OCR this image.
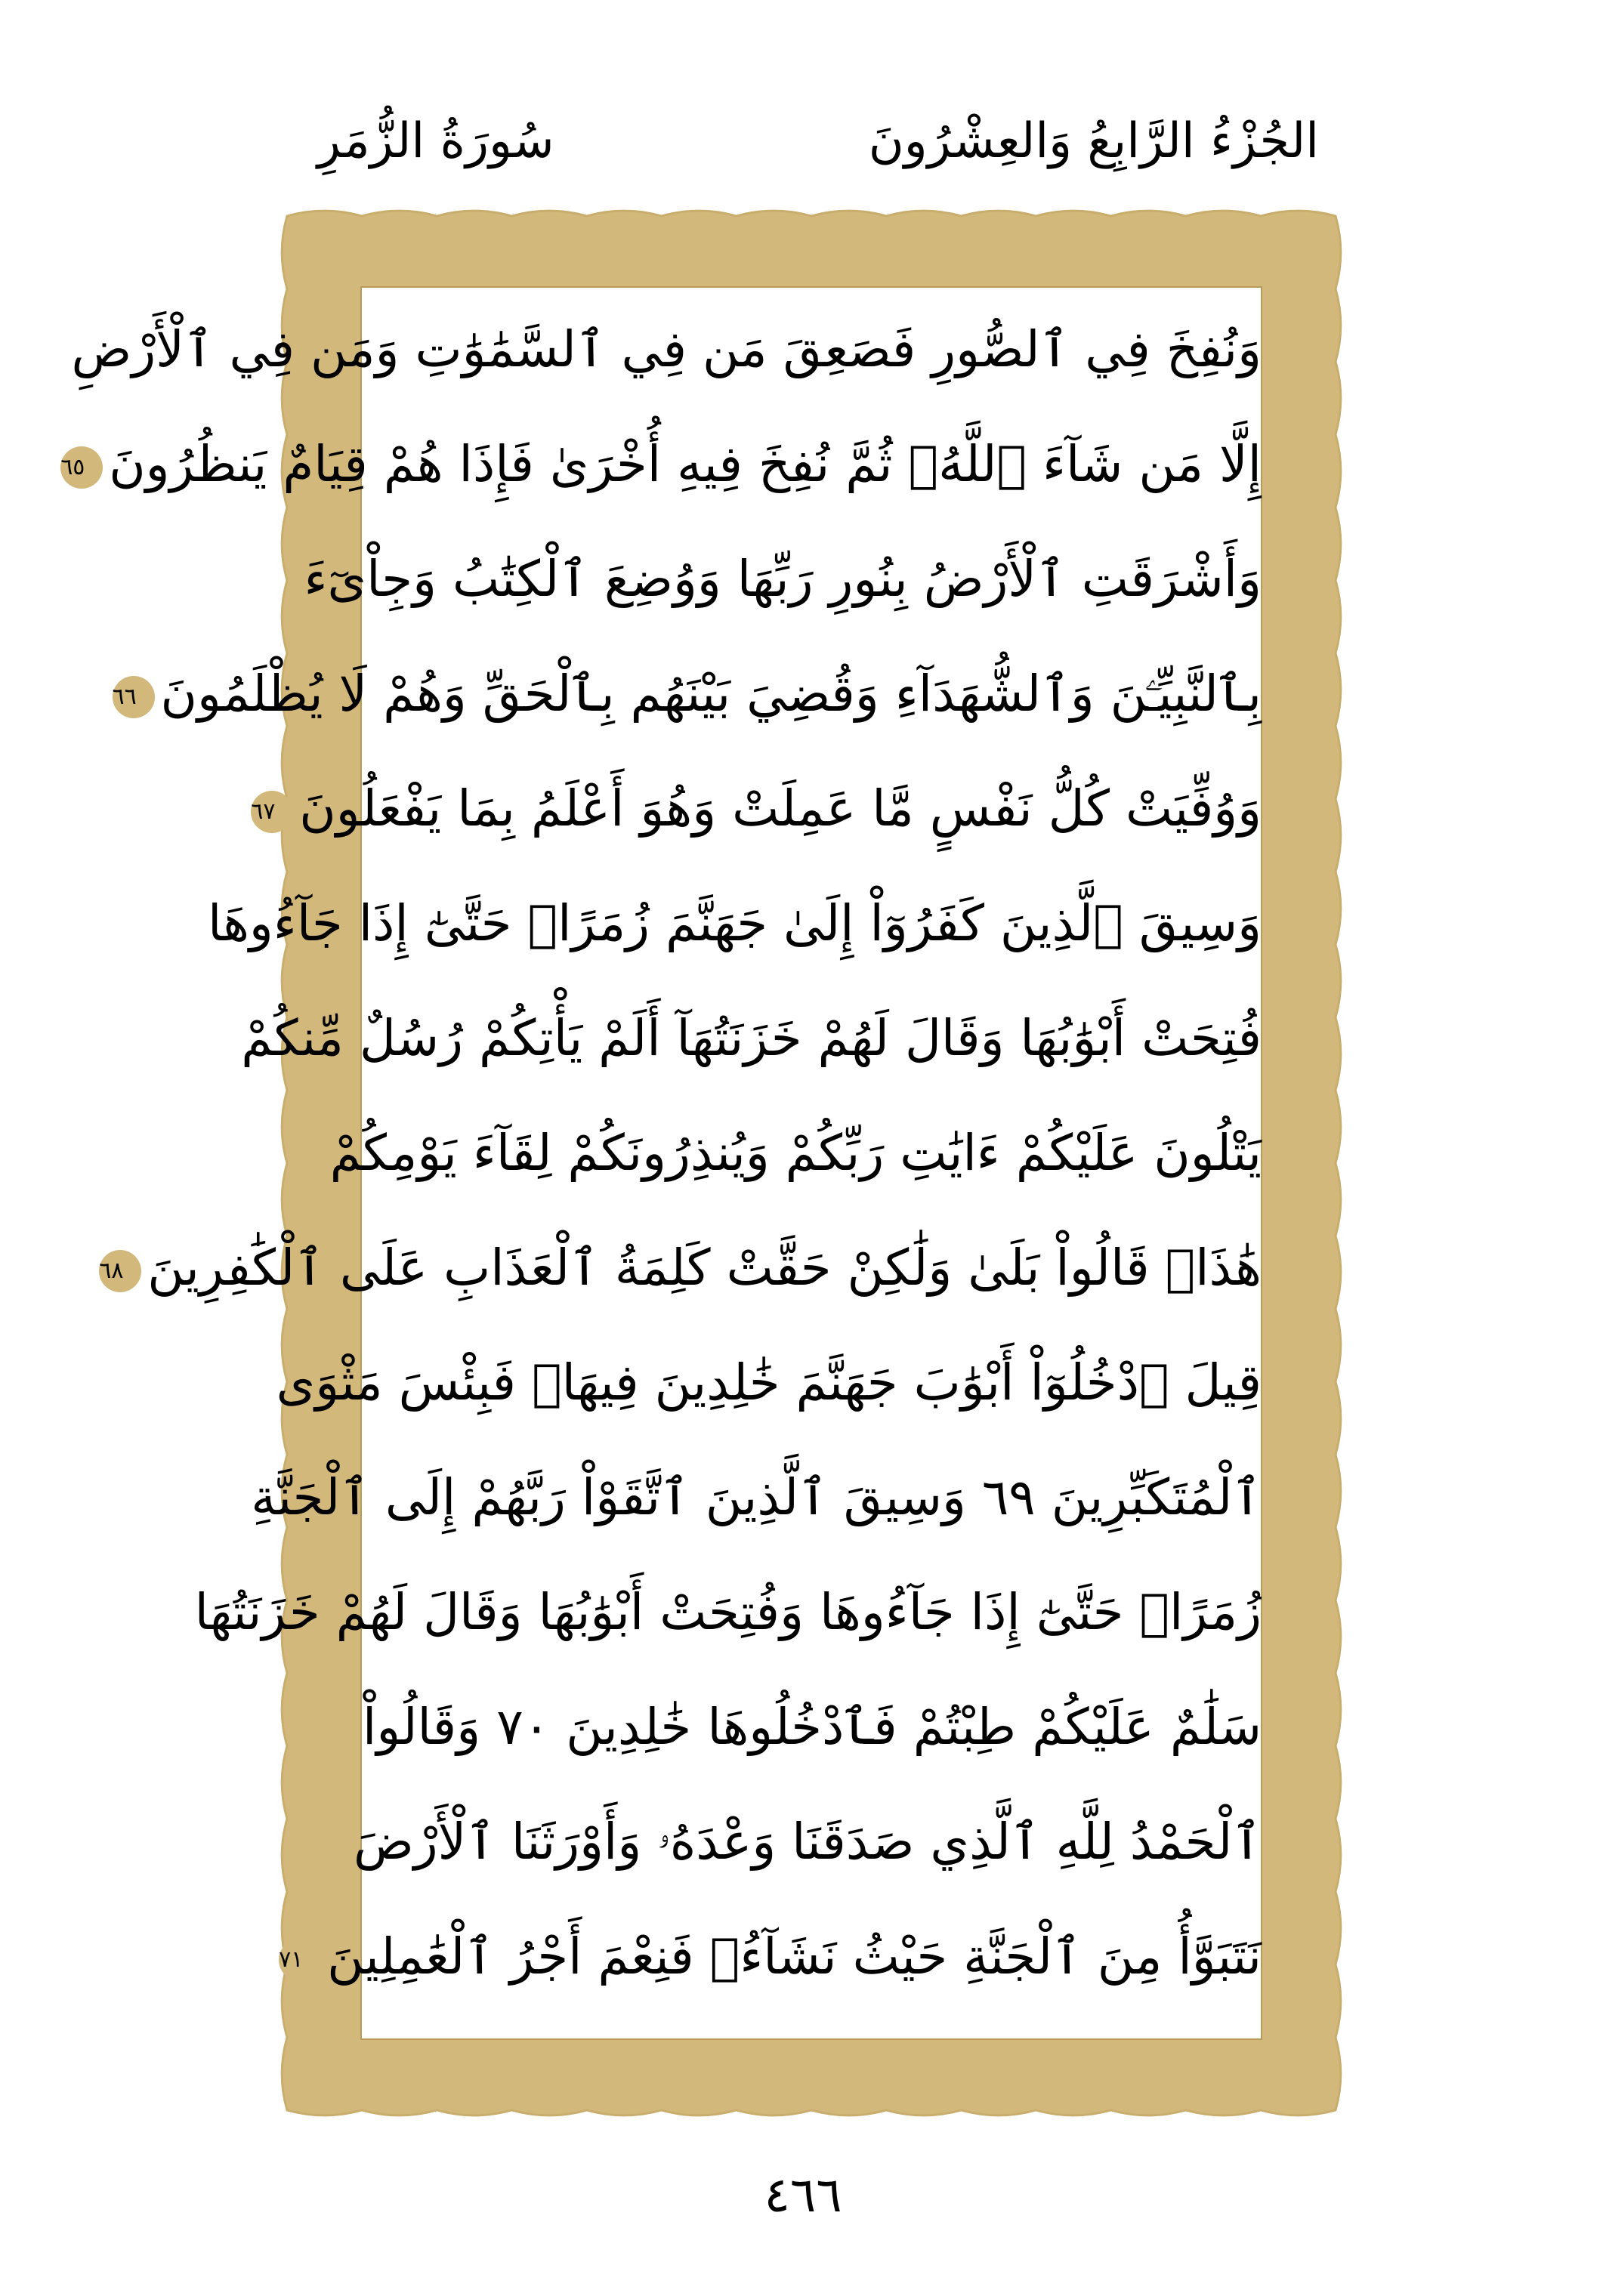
سُورَةُ الزُّمَرِ	الجُزْءُ الرَّابِعُ وَالعِشْرُونَ
وَنُفِخَ فِي ٱلصُّورِ فَصَعِقَ مَن فِي ٱلسَّمَٰوَٰتِ وَمَن فِي ٱلْأَرْضِ
إِلَّا مَن شَآءَ ٱللَّهُۖ ثُمَّ نُفِخَ فِيهِ أُخْرَىٰ فَإِذَا هُمْ قِيَامٌ يَنظُرُونَ٦٥
وَأَشْرَقَتِ ٱلْأَرْضُ بِنُورِ رَبِّهَا وَوُضِعَ ٱلْكِتَٰبُ وَجِاْىٓءَ
بِٱلنَّبِيِّـۧنَ وَٱلشُّهَدَآءِ وَقُضِيَ بَيْنَهُم بِٱلْحَقِّ وَهُمْ لَا يُظْلَمُونَ٦٦
وَوُفِّيَتْ كُلُّ نَفْسٍ مَّا عَمِلَتْ وَهُوَ أَعْلَمُ بِمَا يَفْعَلُونَ٦٧
وَسِيقَ ٱلَّذِينَ كَفَرُوٓاْ إِلَىٰ جَهَنَّمَ زُمَرًاۖ حَتَّىٰٓ إِذَا جَآءُوهَا
فُتِحَتْ أَبْوَٰبُهَا وَقَالَ لَهُمْ خَزَنَتُهَآ أَلَمْ يَأْتِكُمْ رُسُلٌ مِّنكُمْ
يَتْلُونَ عَلَيْكُمْ ءَايَٰتِ رَبِّكُمْ وَيُنذِرُونَكُمْ لِقَآءَ يَوْمِكُمْ
هَٰذَاۚ قَالُواْ بَلَىٰ وَلَٰكِنْ حَقَّتْ كَلِمَةُ ٱلْعَذَابِ عَلَى ٱلْكَٰفِرِينَ٦٨
قِيلَ ٱدْخُلُوٓاْ أَبْوَٰبَ جَهَنَّمَ خَٰلِدِينَ فِيهَاۖ فَبِئْسَ مَثْوَى
ٱلْمُتَكَبِّرِينَ ٦٩ وَسِيقَ ٱلَّذِينَ ٱتَّقَوْاْ رَبَّهُمْ إِلَى ٱلْجَنَّةِ
زُمَرًاۖ حَتَّىٰٓ إِذَا جَآءُوهَا وَفُتِحَتْ أَبْوَٰبُهَا وَقَالَ لَهُمْ خَزَنَتُهَا
سَلَٰمٌ عَلَيْكُمْ طِبْتُمْ فَٱدْخُلُوهَا خَٰلِدِينَ ٧٠ وَقَالُواْ
ٱلْحَمْدُ لِلَّهِ ٱلَّذِي صَدَقَنَا وَعْدَهُۥ وَأَوْرَثَنَا ٱلْأَرْضَ
نَتَبَوَّأُ مِنَ ٱلْجَنَّةِ حَيْثُ نَشَآءُۖ فَنِعْمَ أَجْرُ ٱلْعَٰمِلِينَ٧١
٤٦٦
